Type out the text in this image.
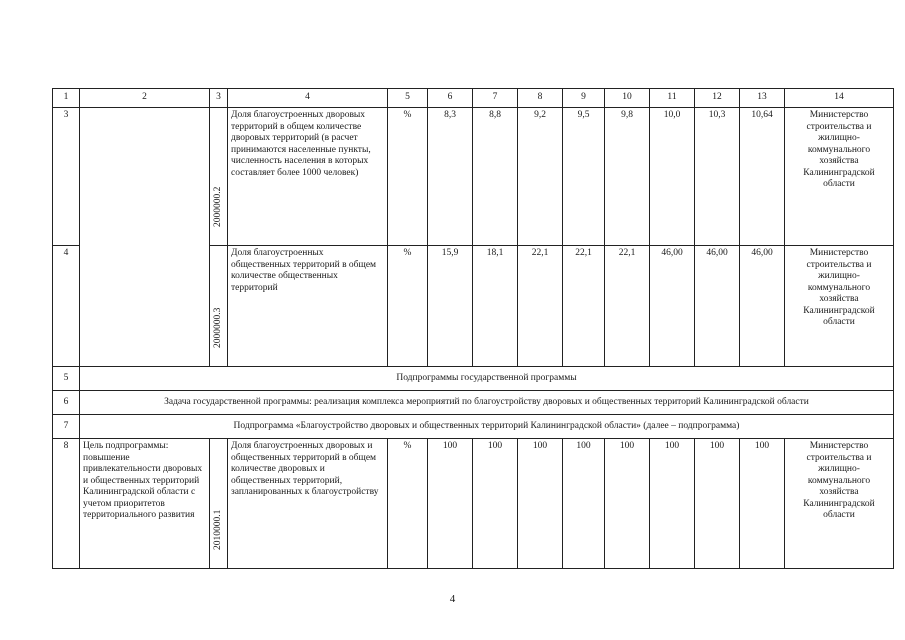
1	2	3	4	5	6	7	8	9	10	11	12	13	14
3		2000000.2	Доля благоустроенных дворовых территорий в общем количестве дворовых территорий (в расчет принимаются населенные пункты, численность населения в которых составляет более 1000 человек)	%	8,3	8,8	9,2	9,5	9,8	10,0	10,3	10,64	Министерство строительства и жилищно-коммунального хозяйства Калининградской области
4		2000000.3	Доля благоустроенных общественных территорий в общем количестве общественных территорий	%	15,9	18,1	22,1	22,1	22,1	46,00	46,00	46,00	Министерство строительства и жилищно-коммунального хозяйства Калининградской области
5	Подпрограммы государственной программы												
6	Задача государственной программы: реализация комплекса мероприятий по благоустройству дворовых и общественных территорий Калининградской области												
7	Подпрограмма «Благоустройство дворовых и общественных территорий Калининградской области» (далее – подпрограмма)												
8	Цель подпрограммы: повышение привлекательности дворовых и общественных территорий Калининградской области с учетом приоритетов территориального развития	2010000.1	Доля благоустроенных дворовых и общественных территорий в общем количестве дворовых и общественных территорий, запланированных к благоустройству	%	100	100	100	100	100	100	100	100	Министерство строительства и жилищно-коммунального хозяйства Калининградской области
4
